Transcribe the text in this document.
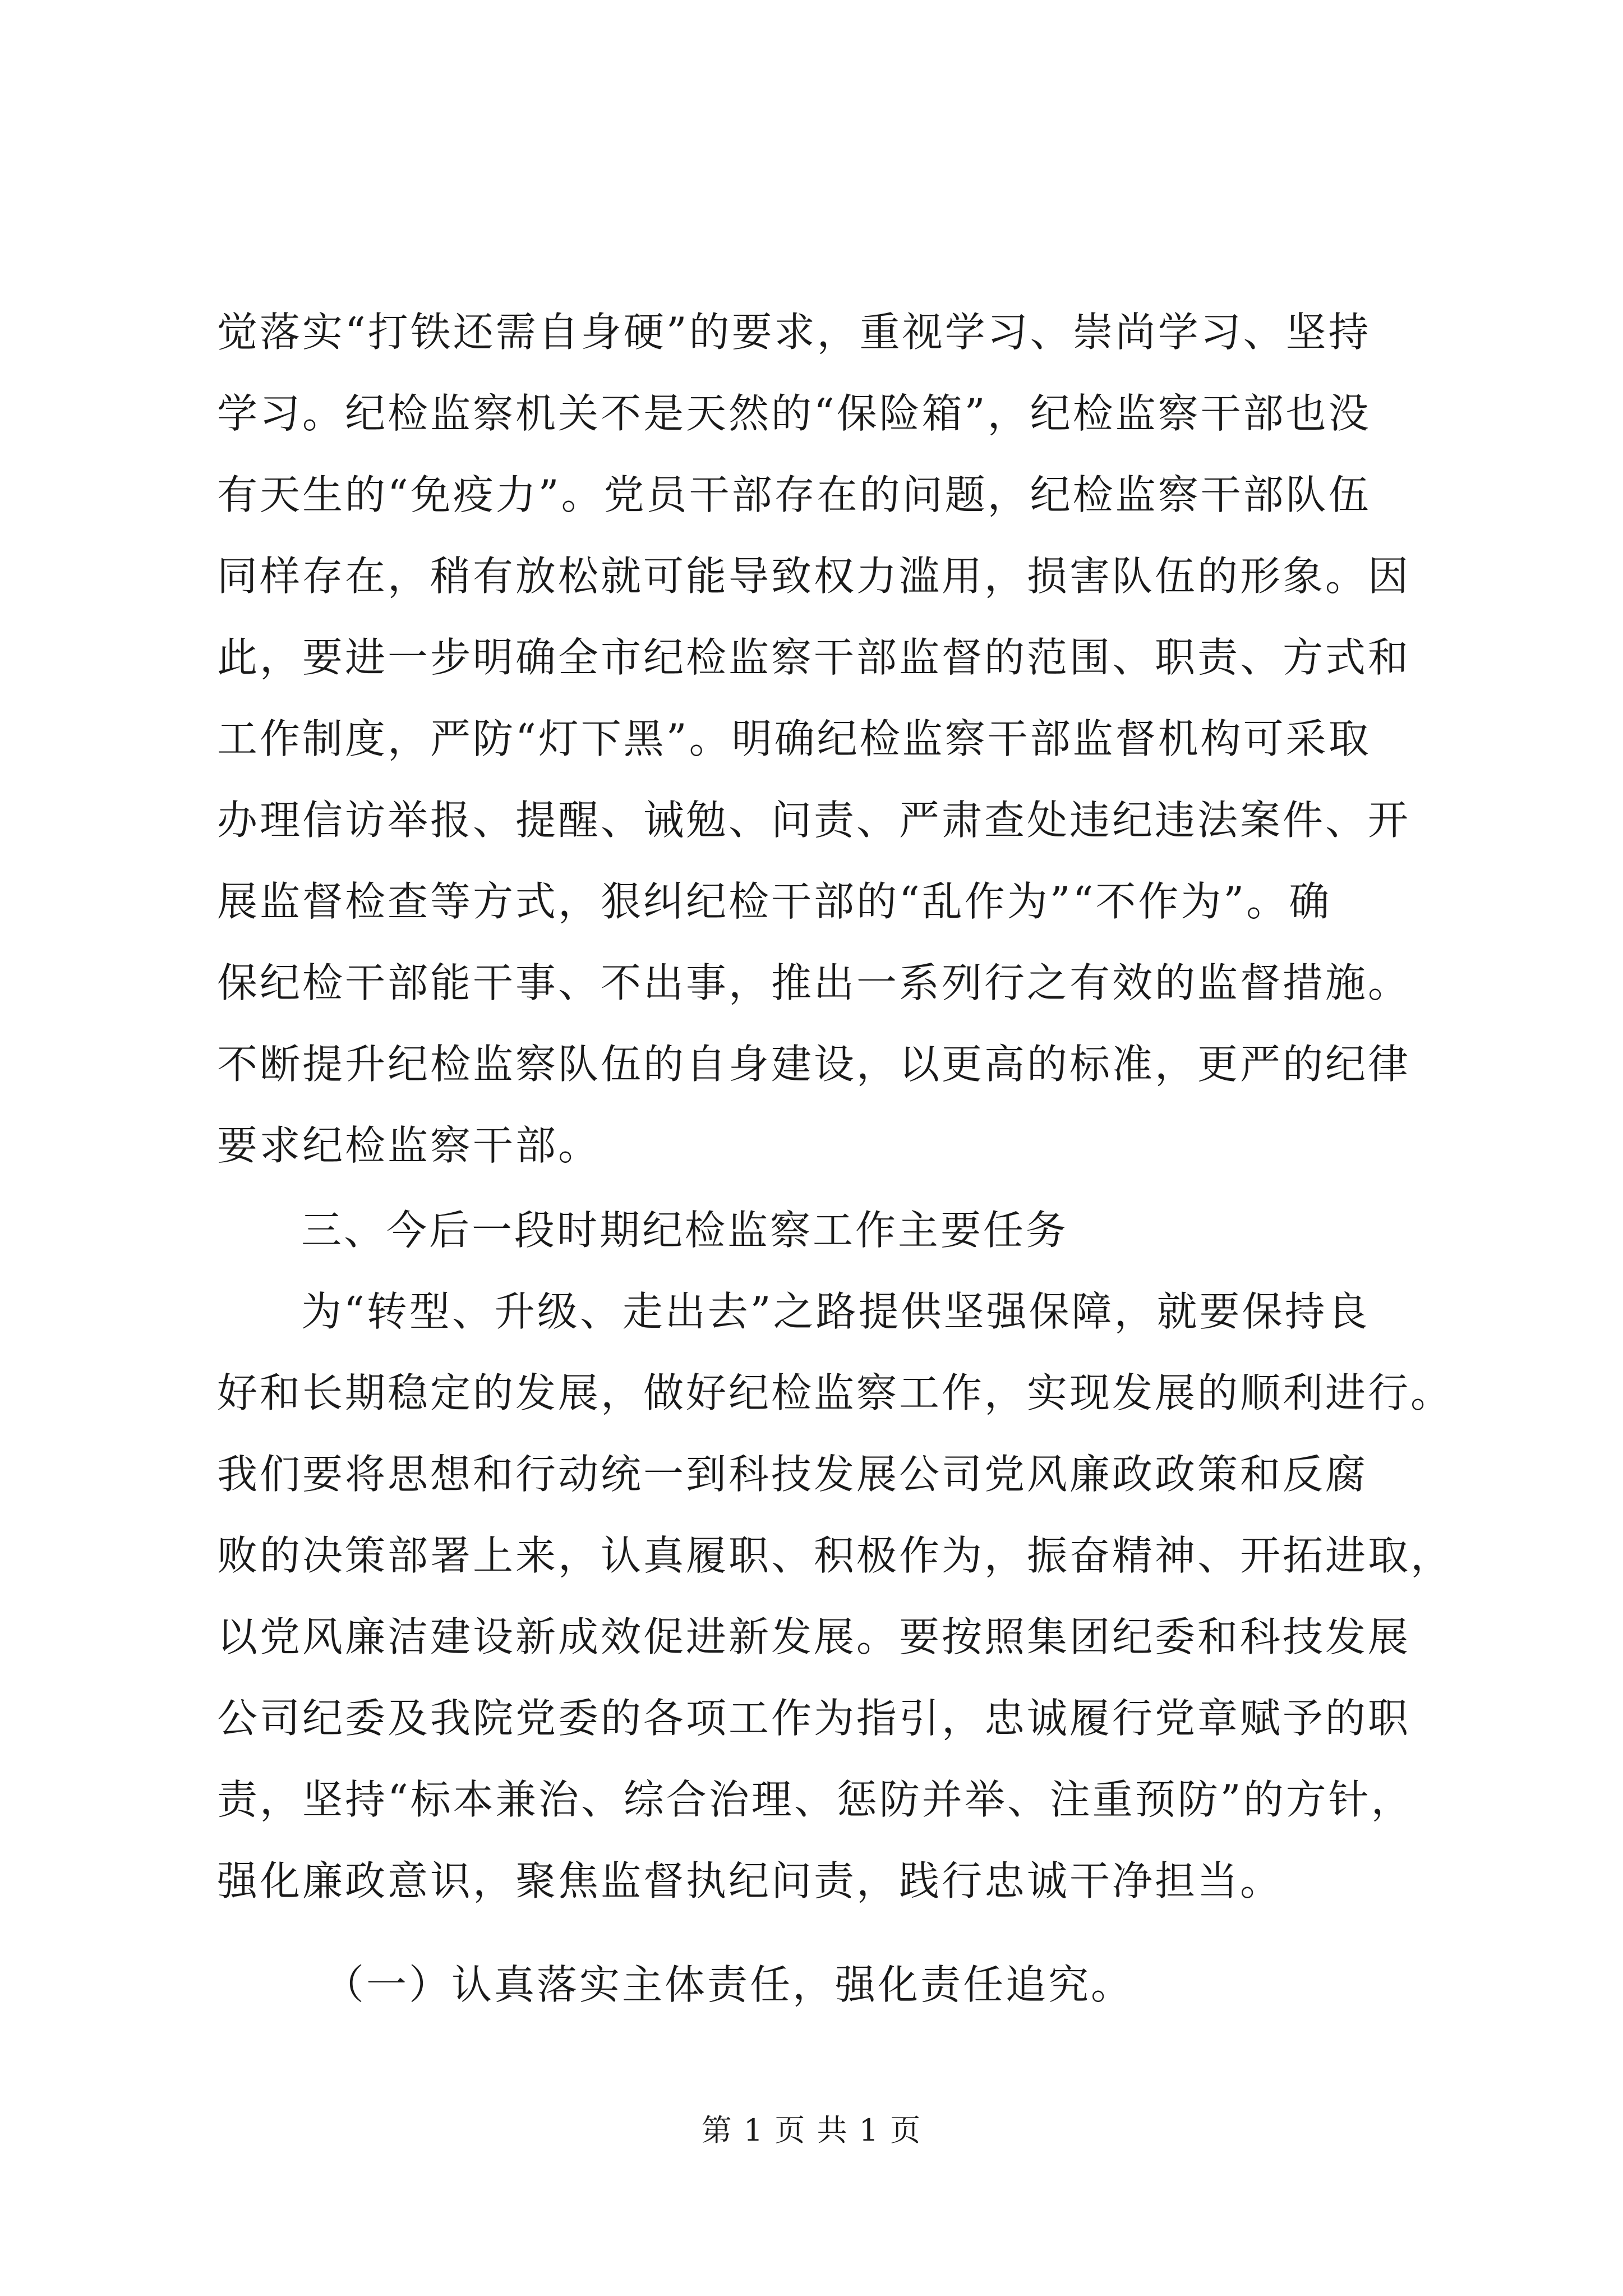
觉落实“打铁还需自身硬”的要求，重视学习、崇尚学习、坚持
学习。纪检监察机关不是天然的“保险箱”，纪检监察干部也没
有天生的“免疫力”。党员干部存在的问题，纪检监察干部队伍
同样存在，稍有放松就可能导致权力滥用，损害队伍的形象。因
此，要进一步明确全市纪检监察干部监督的范围、职责、方式和
工作制度，严防“灯下黑”。明确纪检监察干部监督机构可采取
办理信访举报、提醒、诫勉、问责、严肃查处违纪违法案件、开
展监督检查等方式，狠纠纪检干部的“乱作为”“不作为”。确
保纪检干部能干事、不出事，推出一系列行之有效的监督措施。
不断提升纪检监察队伍的自身建设，以更高的标准，更严的纪律
要求纪检监察干部。
三、今后一段时期纪检监察工作主要任务
为“转型、升级、走出去”之路提供坚强保障，就要保持良
好和长期稳定的发展，做好纪检监察工作，实现发展的顺利进行。
我们要将思想和行动统一到科技发展公司党风廉政政策和反腐
败的决策部署上来，认真履职、积极作为，振奋精神、开拓进取，
以党风廉洁建设新成效促进新发展。要按照集团纪委和科技发展
公司纪委及我院党委的各项工作为指引，忠诚履行党章赋予的职
责，坚持“标本兼治、综合治理、惩防并举、注重预防”的方针，
强化廉政意识，聚焦监督执纪问责，践行忠诚干净担当。
（一）认真落实主体责任，强化责任追究。
第 1 页 共 1 页
